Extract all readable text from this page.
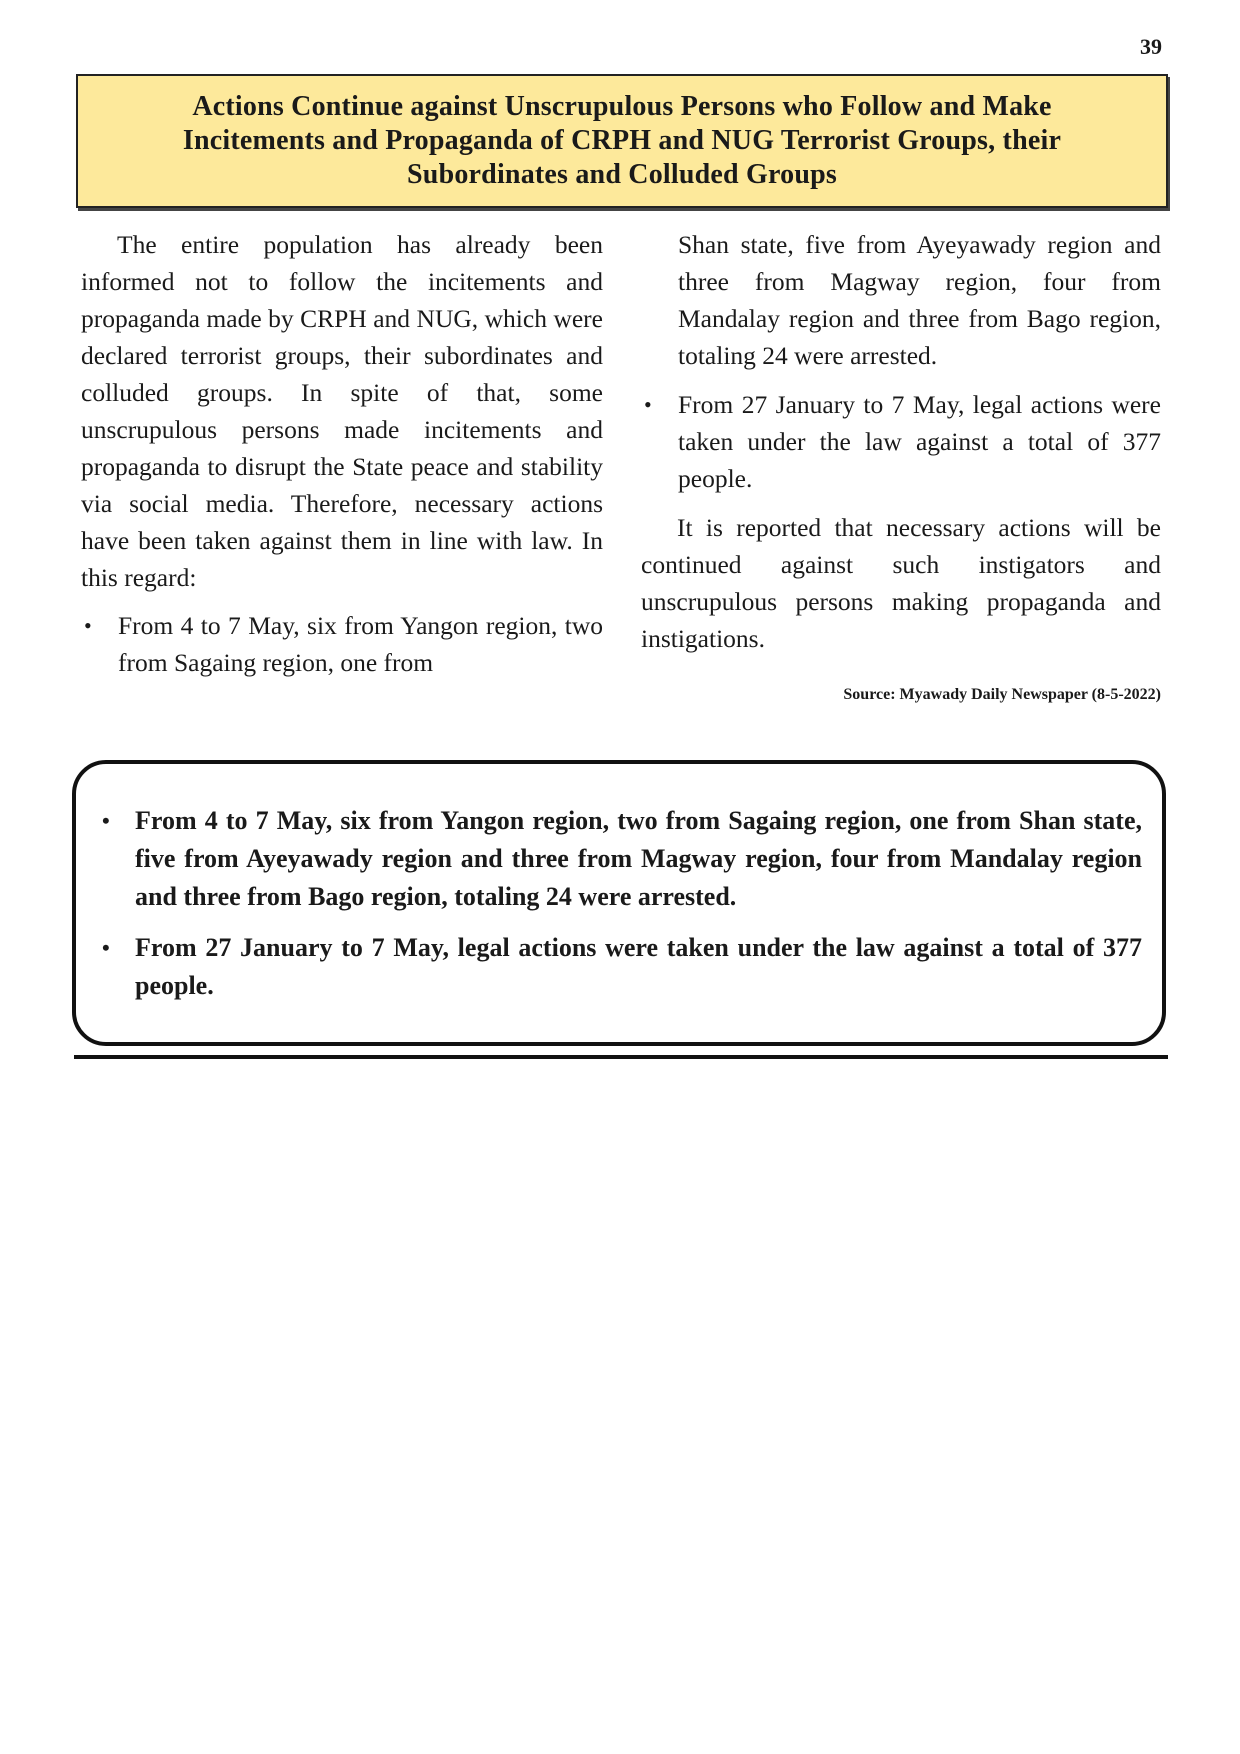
39
Actions Continue against Unscrupulous Persons who Follow and Make Incitements and Propaganda of CRPH and NUG Terrorist Groups, their Subordinates and Colluded Groups

The entire population has already been informed not to follow the incitements and propaganda made by CRPH and NUG, which were declared terrorist groups, their subordinates and colluded groups. In spite of that, some unscrupulous persons made incitements and propaganda to disrupt the State peace and stability via social media. Therefore, necessary actions have been taken against them in line with law. In this regard:

• From 4 to 7 May, six from Yangon region, two from Sagaing region, one from
Shan state, five from Ayeyawady region and three from Magway region, four from Mandalay region and three from Bago region, totaling 24 were arrested.
• From 27 January to 7 May, legal actions were taken under the law against a total of 377 people.

It is reported that necessary actions will be continued against such instigators and unscrupulous persons making propaganda and instigations.

Source: Myawady Daily Newspaper (8-5-2022)
• From 4 to 7 May, six from Yangon region, two from Sagaing region, one from Shan state, five from Ayeyawady region and three from Magway region, four from Mandalay region and three from Bago region, totaling 24 were arrested.
• From 27 January to 7 May, legal actions were taken under the law against a total of 377 people.
